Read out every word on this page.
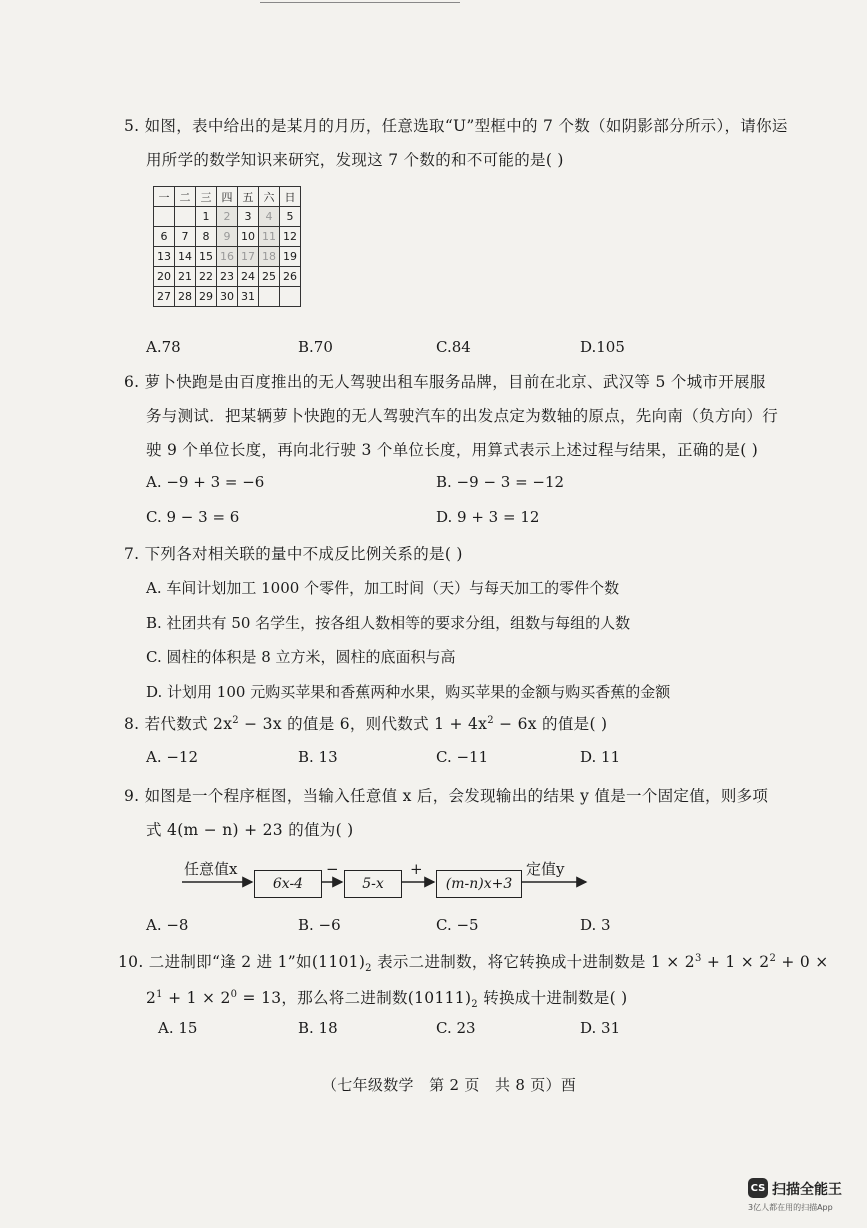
5. 如图，表中给出的是某月的月历，任意选取“U”型框中的 7 个数（如阴影部分所示），请你运
用所学的数学知识来研究，发现这 7 个数的和不可能的是( )
一	二	三	四	五	六	日
		1	2	3	4	5
6	7	8	9	10	11	12
13	14	15	16	17	18	19
20	21	22	23	24	25	26
27	28	29	30	31		
A.78	B.70	C.84	D.105
6. 萝卜快跑是由百度推出的无人驾驶出租车服务品牌，目前在北京、武汉等 5 个城市开展服
务与测试．把某辆萝卜快跑的无人驾驶汽车的出发点定为数轴的原点，先向南（负方向）行
驶 9 个单位长度，再向北行驶 3 个单位长度，用算式表示上述过程与结果，正确的是( )
A. −9 + 3 = −6	B. −9 − 3 = −12
C. 9 − 3 = 6	D. 9 + 3 = 12
7. 下列各对相关联的量中不成反比例关系的是( )
A. 车间计划加工 1000 个零件，加工时间（天）与每天加工的零件个数
B. 社团共有 50 名学生，按各组人数相等的要求分组，组数与每组的人数
C. 圆柱的体积是 8 立方米，圆柱的底面积与高
D. 计划用 100 元购买苹果和香蕉两种水果，购买苹果的金额与购买香蕉的金额
8. 若代数式 $2x^2 - 3x$ 的值是 6，则代数式 $1 + 4x^2 - 6x$ 的值是( )
A. −12	B. 13	C. −11	D. 11
9. 如图是一个程序框图，当输入任意值 x 后，会发现输出的结果 y 值是一个固定值，则多项
式 4(m − n) + 23 的值为( )
任意值x
6x-4
−
5-x
+
(m-n)x+3
定值y
A. −8	B. −6	C. −5	D. 3
10. 二进制即“逢 2 进 1”如$(1101)_2$ 表示二进制数，将它转换成十进制数是 $1 \times 2^3 + 1 \times 2^2 + 0$ ×
$2^1 + 1 \times 2^0 = 13$，那么将二进制数$(10111)_2$ 转换成十进制数是( )
A. 15	B. 18	C. 23	D. 31
（七年级数学　第 2 页　共 8 页）酉
CS 扫描全能王
3亿人都在用的扫描App
